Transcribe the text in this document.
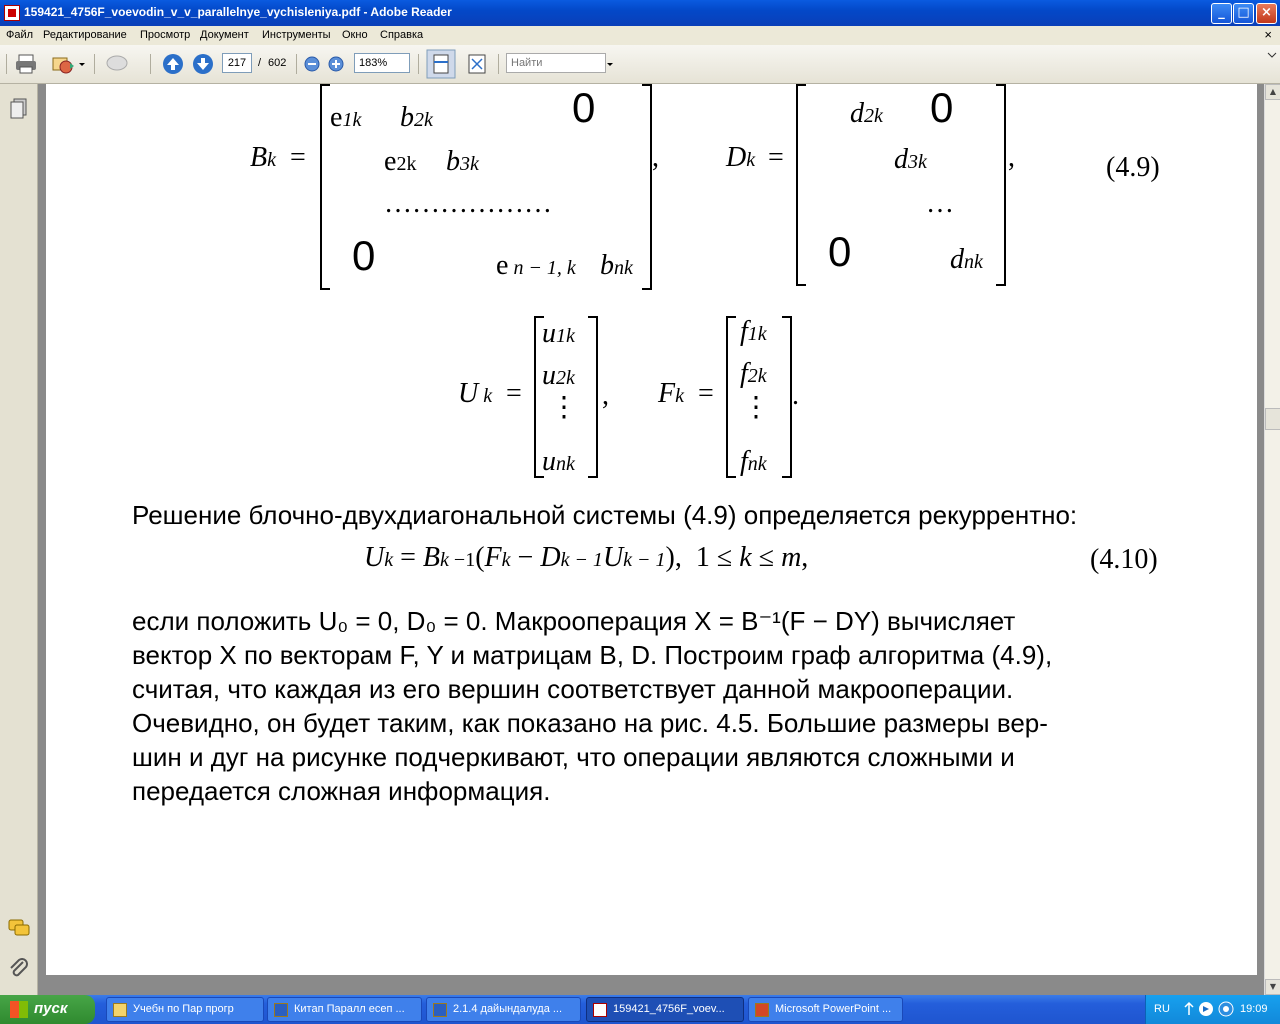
159421_4756F_voevodin_v_v_parallelnye_vychisleniya.pdf - Adobe Reader	_ □ ×
Файл Редактирование Просмотр Документ Инструменты Окно Справка	×
217	/ 602	183%
Найти
Bk =
e1k b2k	0
e2k b3k
………………
0	e n − 1, k bnk
, Dk =
d2k 0
d3k
…
0	dnk
,	(4.9)
U k =
u1k
u2k
⋮
unk
, Fk =
f1k
f2k
⋮
fnk
.
Решение блочно-двухдиагональной системы (4.9) определяется рекуррентно:
Uk = Bk −1(Fk − Dk − 1Uk − 1),  1 ≤ k ≤ m,	(4.10)
если положить U₀ = 0, D₀ = 0. Макрооперация X = B⁻¹(F − DY) вычисляет
вектор X по векторам F, Y и матрицам B, D. Построим граф алгоритма (4.9),
считая, что каждая из его вершин соответствует данной макрооперации.
Очевидно, он будет таким, как показано на рис. 4.5. Большие размеры вер-
шин и дуг на рисунке подчеркивают, что операции являются сложными и
передается сложная информация.
▲
▼
пуск	Учебн по Пар прогр	Китап Паралл есеп ...	2.1.4 дайындалуда ...	159421_4756F_voev...	Microsoft PowerPoint ...	RU	19:09
